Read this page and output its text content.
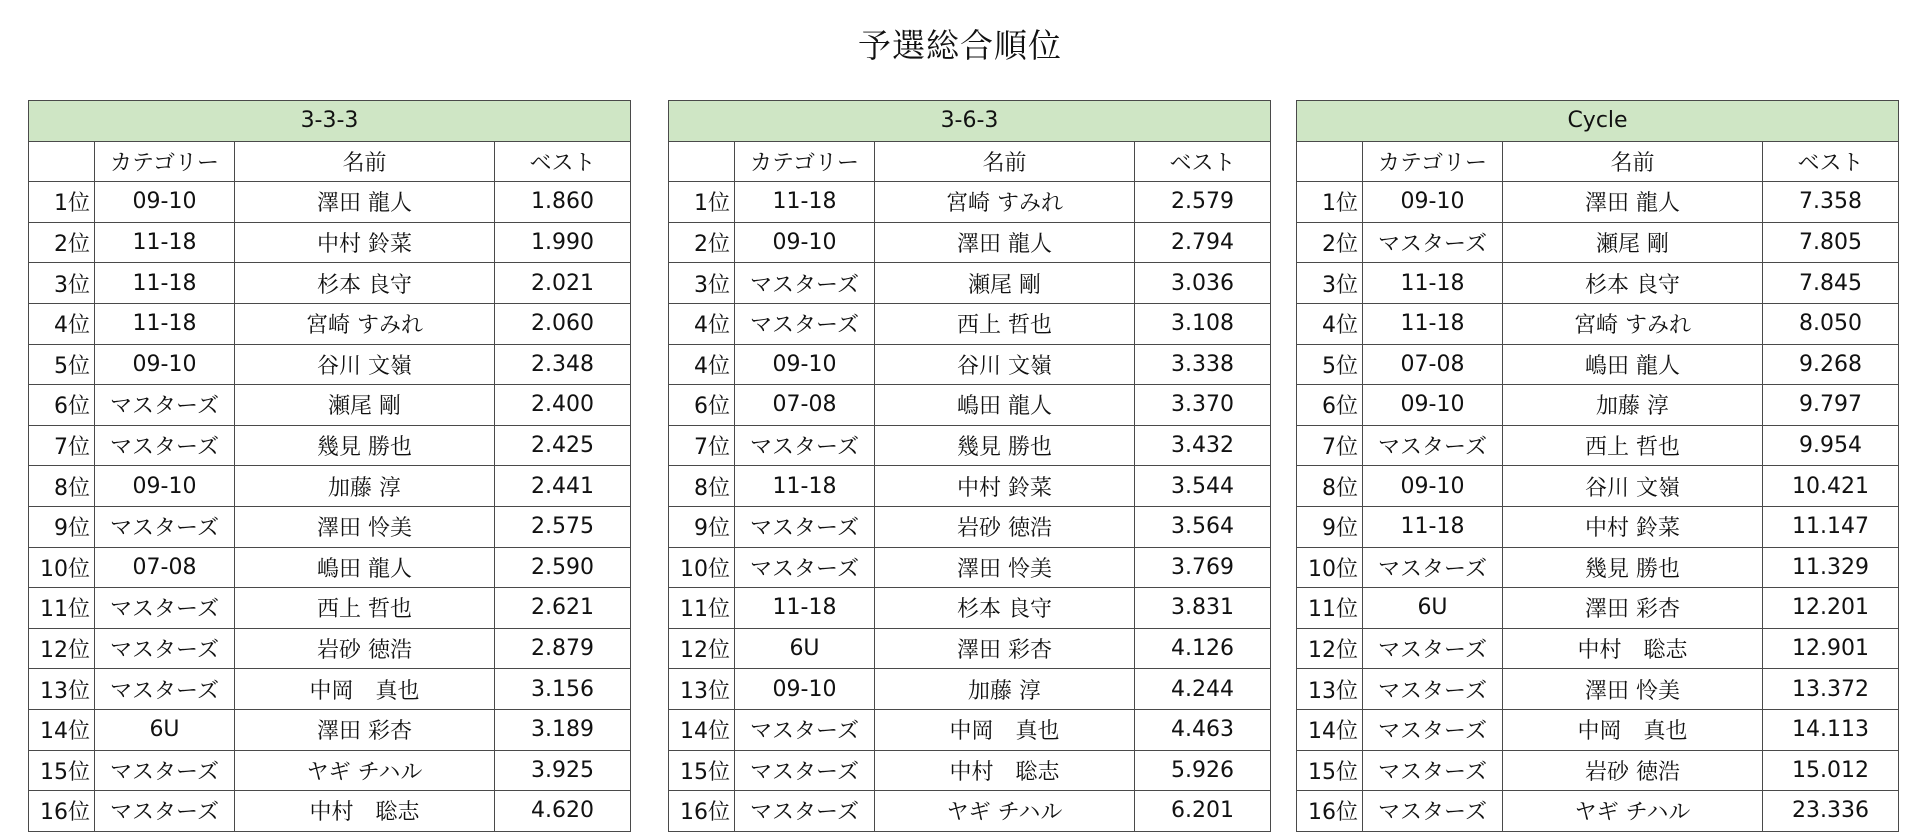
予選総合順位
3-3-3			
	カテゴリー	名前	ベスト
1位	09-10	澤田 龍人	1.860
2位	11-18	中村 鈴菜	1.990
3位	11-18	杉本 良守	2.021
4位	11-18	宮崎 すみれ	2.060
5位	09-10	谷川 文嶺	2.348
6位	マスターズ	瀬尾 剛	2.400
7位	マスターズ	幾見 勝也	2.425
8位	09-10	加藤 淳	2.441
9位	マスターズ	澤田 怜美	2.575
10位	07-08	嶋田 龍人	2.590
11位	マスターズ	西上 哲也	2.621
12位	マスターズ	岩砂 徳浩	2.879
13位	マスターズ	中岡　真也	3.156
14位	6U	澤田 彩杏	3.189
15位	マスターズ	ヤギ チハル	3.925
16位	マスターズ	中村　聡志	4.620
3-6-3			
	カテゴリー	名前	ベスト
1位	11-18	宮崎 すみれ	2.579
2位	09-10	澤田 龍人	2.794
3位	マスターズ	瀬尾 剛	3.036
4位	マスターズ	西上 哲也	3.108
4位	09-10	谷川 文嶺	3.338
6位	07-08	嶋田 龍人	3.370
7位	マスターズ	幾見 勝也	3.432
8位	11-18	中村 鈴菜	3.544
9位	マスターズ	岩砂 徳浩	3.564
10位	マスターズ	澤田 怜美	3.769
11位	11-18	杉本 良守	3.831
12位	6U	澤田 彩杏	4.126
13位	09-10	加藤 淳	4.244
14位	マスターズ	中岡　真也	4.463
15位	マスターズ	中村　聡志	5.926
16位	マスターズ	ヤギ チハル	6.201
Cycle			
	カテゴリー	名前	ベスト
1位	09-10	澤田 龍人	7.358
2位	マスターズ	瀬尾 剛	7.805
3位	11-18	杉本 良守	7.845
4位	11-18	宮崎 すみれ	8.050
5位	07-08	嶋田 龍人	9.268
6位	09-10	加藤 淳	9.797
7位	マスターズ	西上 哲也	9.954
8位	09-10	谷川 文嶺	10.421
9位	11-18	中村 鈴菜	11.147
10位	マスターズ	幾見 勝也	11.329
11位	6U	澤田 彩杏	12.201
12位	マスターズ	中村　聡志	12.901
13位	マスターズ	澤田 怜美	13.372
14位	マスターズ	中岡　真也	14.113
15位	マスターズ	岩砂 徳浩	15.012
16位	マスターズ	ヤギ チハル	23.336
